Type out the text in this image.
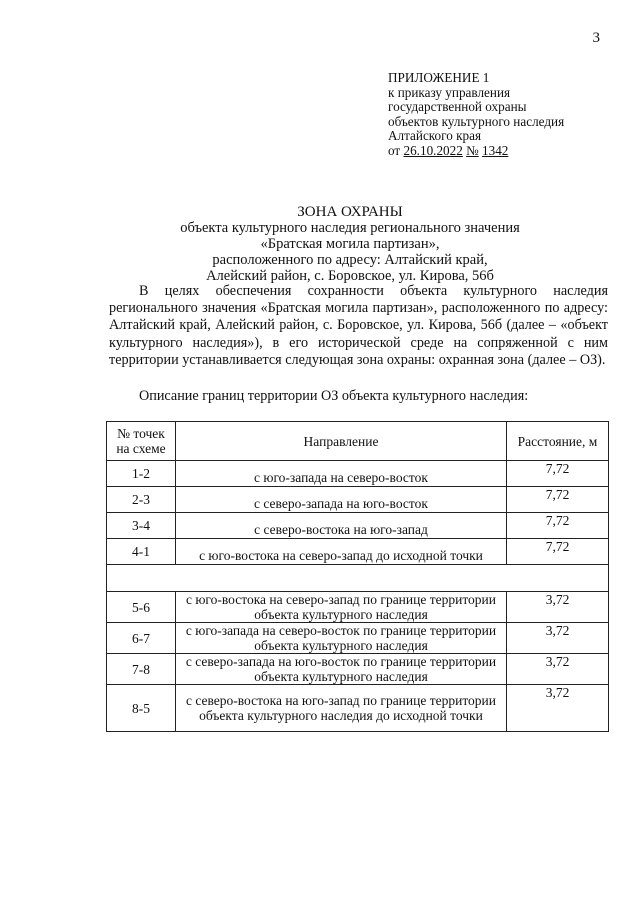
3
ПРИЛОЖЕНИЕ 1
к приказу управления
государственной охраны
объектов культурного наследия
Алтайского края
от 26.10.2022 № 1342
ЗОНА ОХРАНЫ
объекта культурного наследия регионального значения
«Братская могила партизан»,
расположенного по адресу: Алтайский край,
Алейский район, с. Боровское, ул. Кирова, 56б

В целях обеспечения сохранности объекта культурного наследия регионального значения «Братская могила партизан», расположенного по адресу: Алтайский край, Алейский район, с. Боровское, ул. Кирова, 56б (далее – «объект культурного наследия»), в его исторической среде на сопряженной с ним территории устанавливается следующая зона охраны: охранная зона (далее – ОЗ).

Описание границ территории ОЗ объекта культурного наследия:
№ точек на схеме	Направление	Расстояние, м
1-2	с юго-запада на северо-восток	7,72
2-3	с северо-запада на юго-восток	7,72
3-4	с северо-востока на юго-запад	7,72
4-1	с юго-востока на северо-запад до исходной точки	7,72

5-6	с юго-востока на северо-запад по границе территории объекта культурного наследия	3,72
6-7	с юго-запада на северо-восток по границе территории объекта культурного наследия	3,72
7-8	с северо-запада на юго-восток по границе территории объекта культурного наследия	3,72
8-5	с северо-востока на юго-запад по границе территории объекта культурного наследия до исходной точки	3,72
